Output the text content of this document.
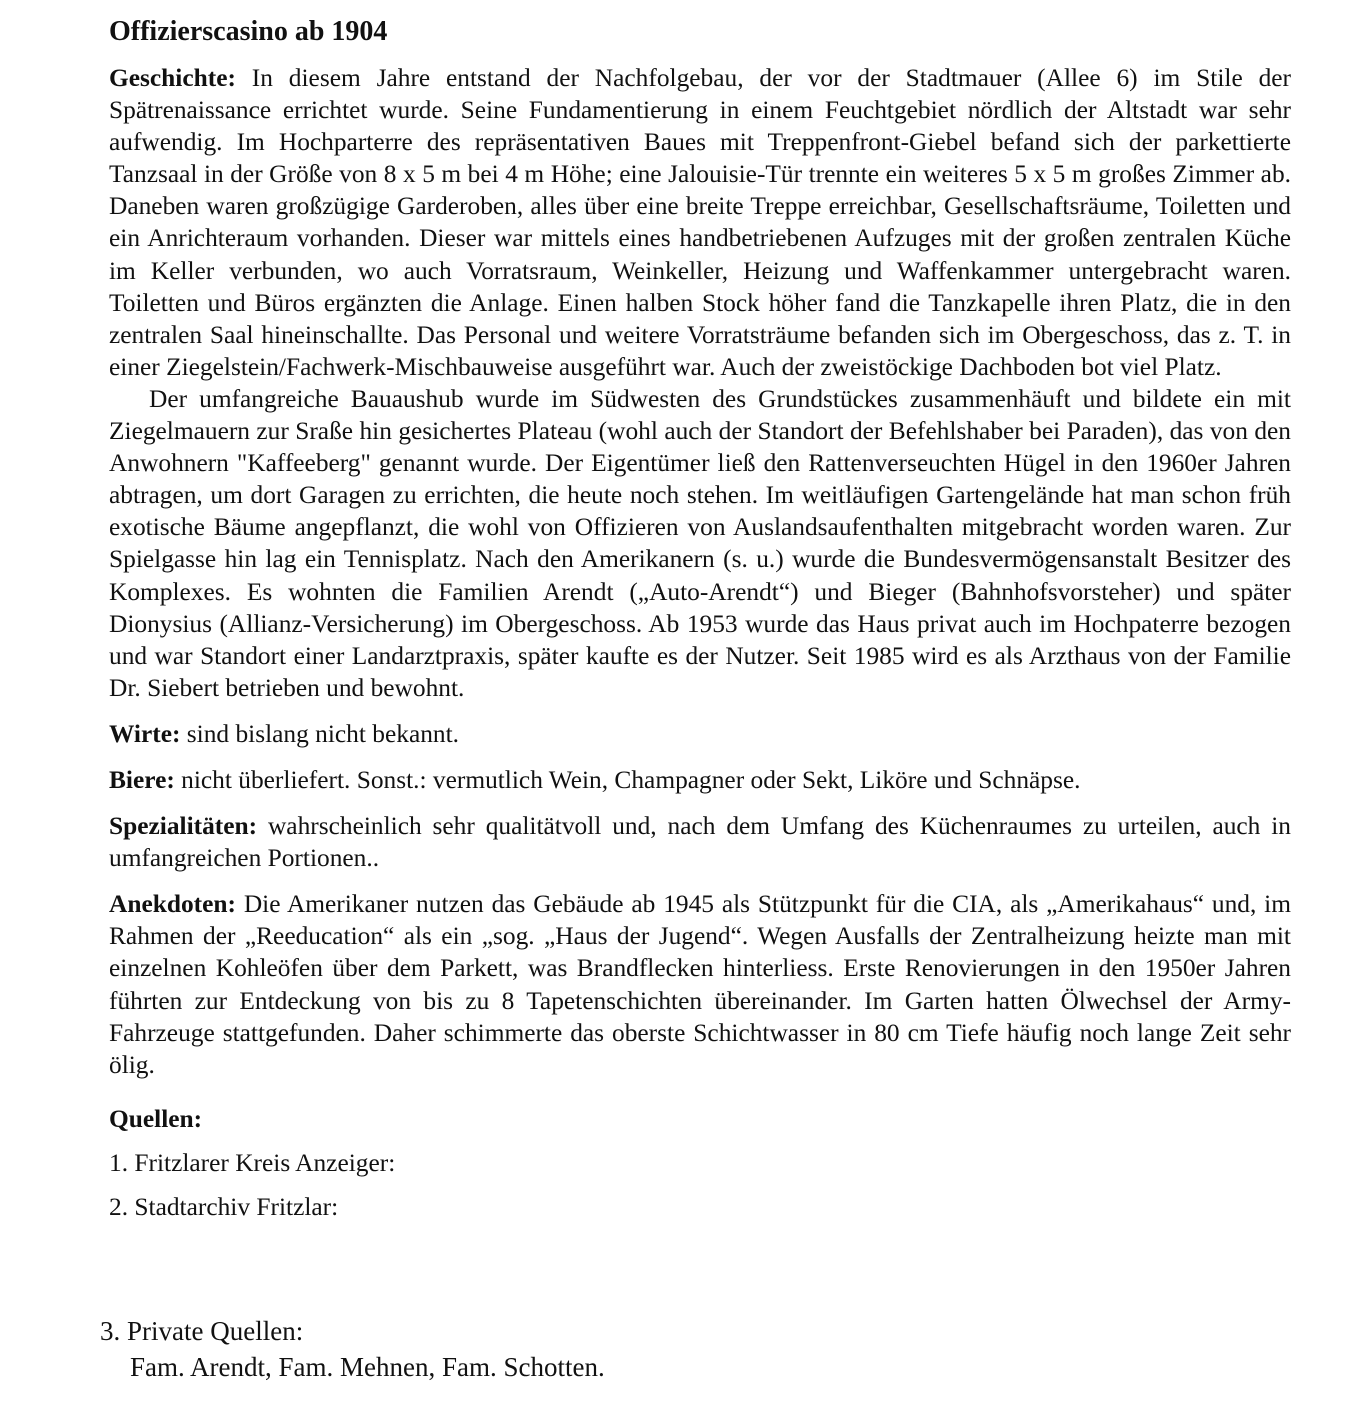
Offizierscasino ab 1904

Geschichte: In diesem Jahre entstand der Nachfolgebau, der vor der Stadtmauer (Allee 6) im Stile der Spätrenaissance errichtet wurde. Seine Fundamentierung in einem Feuchtgebiet nördlich der Altstadt war sehr aufwendig. Im Hochparterre des repräsentativen Baues mit Treppenfront-Giebel befand sich der parkettierte Tanzsaal in der Größe von 8 x 5 m bei 4 m Höhe; eine Jalouisie-Tür trennte ein weiteres 5 x 5 m großes Zimmer ab. Daneben waren großzügige Garderoben, alles über eine breite Treppe erreichbar, Gesellschaftsräume, Toiletten und ein Anrichteraum vorhanden. Dieser war mittels eines handbetriebenen Aufzuges mit der großen zentralen Küche im Keller verbunden, wo auch Vorratsraum, Weinkeller, Heizung und Waffenkammer untergebracht waren. Toiletten und Büros ergänzten die Anlage. Einen halben Stock höher fand die Tanzkapelle ihren Platz, die in den zentralen Saal hineinschallte. Das Personal und weitere Vorratsträume befanden sich im Obergeschoss, das z. T. in einer Ziegelstein/Fachwerk-Mischbauweise ausgeführt war. Auch der zweistöckige Dachboden bot viel Platz.

Der umfangreiche Bauaushub wurde im Südwesten des Grundstückes zusammenhäuft und bildete ein mit Ziegelmauern zur Sraße hin gesichertes Plateau (wohl auch der Standort der Befehlshaber bei Paraden), das von den Anwohnern "Kaffeeberg" genannt wurde. Der Eigentümer ließ den Rattenverseuchten Hügel in den 1960er Jahren abtragen, um dort Garagen zu errichten, die heute noch stehen. Im weitläufigen Gartengelände hat man schon früh exotische Bäume angepflanzt, die wohl von Offizieren von Auslandsaufenthalten mitgebracht worden waren. Zur Spielgasse hin lag ein Tennisplatz. Nach den Amerikanern (s. u.) wurde die Bundesvermögensanstalt Besitzer des Komplexes. Es wohnten die Familien Arendt („Auto-Arendt“) und Bieger (Bahnhofsvorsteher) und später Dionysius (Allianz-Versicherung) im Obergeschoss. Ab 1953 wurde das Haus privat auch im Hochpaterre bezogen und war Standort einer Landarztpraxis, später kaufte es der Nutzer. Seit 1985 wird es als Arzthaus von der Familie Dr. Siebert betrieben und bewohnt.

Wirte: sind bislang nicht bekannt.

Biere: nicht überliefert. Sonst.: vermutlich Wein, Champagner oder Sekt, Liköre und Schnäpse.

Spezialitäten: wahrscheinlich sehr qualitätvoll und, nach dem Umfang des Küchenraumes zu urteilen, auch in umfangreichen Portionen..

Anekdoten: Die Amerikaner nutzen das Gebäude ab 1945 als Stützpunkt für die CIA, als „Amerikahaus“ und, im Rahmen der „Reeducation“ als ein „sog. „Haus der Jugend“. Wegen Ausfalls der Zentralheizung heizte man mit einzelnen Kohleöfen über dem Parkett, was Brandflecken hinterliess. Erste Renovierungen in den 1950er Jahren führten zur Entdeckung von bis zu 8 Tapetenschichten übereinander. Im Garten hatten Ölwechsel der Army-Fahrzeuge stattgefunden. Daher schimmerte das oberste Schichtwasser in 80 cm Tiefe häufig noch lange Zeit sehr ölig.

Quellen:
1. Fritzlarer Kreis Anzeiger:
2. Stadtarchiv Fritzlar:
3. Private Quellen:
Fam. Arendt, Fam. Mehnen, Fam. Schotten.
